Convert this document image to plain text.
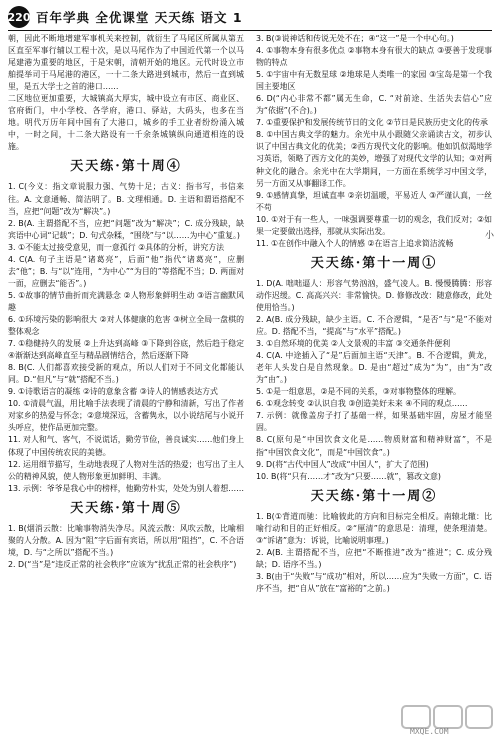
220 百年学典 全优课堂 天天练 语文 1
朝，因此不断地增建军事机关来控制，就衍生了马尾区所属从第五区直至军事行辅以工程十次，是以马尾作为了中国近代第一个以马尾建港为重要的地区，于是宋朝，清朝开始的地区。元代时设立市舶提举司于马尾港的港区，一十二条大路进到城市，然后一直到城里，是五大学士之首的港口……
二区地位更加重要，大城镇高大厚实，城中设立有市区、商业区、官府衙门，中小学校、各学府，港口、驿站，大码头，也多在当地。明代万历年间中国有了大港口，城乡的手工业者纷纷涌入城中，一时之间，十二条大路设有一千余条城镇纵向通道相连的设施。
天天练·第十周④
1. C(今义：指文章说服力强、气势十足；古义：指书写，书信来往。A. 文意通畅、简洁明了。B. 文理相通。D. 主语和谓语搭配不当，应把“问题”改为“解决”。)
2. B(A. 主谓搭配不当，应把“问题”改为“解决”；C. 成分残缺，缺宾语中心词“记载”；D. 句式杂糅，“围绕”与“以……为中心”重复。)
3. ①不能太过接受意见，而一意孤行 ②具体的分析，讲究方法
4. C(A. 句子主语是“诸葛亮”，后面“他”指代“诸葛亮”，应删去“他”；B. 与“以”连用，“为中心”“为目的”等搭配不当；D. 两面对一面，应删去“能否”。)
5. ①故事的情节曲折而充满悬念 ②人物形象鲜明生动 ③语言幽默风趣
6. ①环境污染的影响很大 ②对人体健康的危害 ③树立全局一盘棋的整体观念
7. ①稳健持久的发展 ②上升达到高峰 ③下降到谷底，然后趋于稳定 ④渐渐达到高峰直至与精品剧情结合，然后逐渐下降
8. B(C. 人们都喜欢接受新的观点，所以人们对于不同文化都能认同。D.“但凡”与“就”搭配不当。)
9. ①诗歌语言的凝练 ②诗的意象含蓄 ③诗人的情感表达方式
10. ①清晨气温，用比喻手法表现了清晨的宁静和清新，写出了作者对家乡的热爱与怀念；②意境深远，含蓄隽永，以小说结尾与小说开头呼应，使作品更加完整。
11. 对人和气、客气，不说谎话，勤劳节俭，善良诚实……他们身上体现了中国传统农民的美德。
12. 运用细节描写，生动地表现了人物对生活的热爱；也写出了主人公的精神风貌，使人物形象更加鲜明、丰满。
13. 示例：爷爷是我心中的榜样，他勤劳朴实，处处为别人着想……
天天练·第十周⑤
1. B(烟消云散：比喻事物消失净尽。风流云散：风吹云散，比喻相聚的人分散。A. 因为“阻”字后面有宾语，所以用“阻挡”，C. 不合语境，D. 与“之所以”搭配不当。)
2. D(“当”是“违反正常的社会秩序”应该为“扰乱正常的社会秩序”)
3. B(③说神话和传说无处不在；④“这一”是一个中心句。)
4. ①事物本身有很多优点 ②事物本身有很大的缺点 ③要善于发现事物的特点
5. ①宇宙中有无数星球 ②地球是人类唯一的家园 ③宝岛是第一个我国主要地区
6. D(“内心非常不都”属无生命，C. “对前途、生活失去信心”应为“依据”(不合)。)
7. ①重要保护和发展传统节日的文化 ②节日是民族历史文化的传承
8. ①中国古典文学的魅力。余光中从小跟随父亲诵读古文，初步认识了中国古典文化的优美；②西方现代文化的影响。他如饥似渴地学习英语，领略了西方文化的美妙，增强了对现代文学的认知；③对两种文化的融合。余光中在大学期间，一方面在系统学习中国文学，另一方面又从事翻译工作。
9. ①感情真挚，坦诚直率 ②亲切温暖，平易近人 ③严谨认真，一丝不苟
10. ①对于有一些人，一味强调要尊重一切的观念，我们反对；②如果一定要做出选择，那就从实际出发。
11. ①在创作中融入个人的情感 ②在语言上追求简洁流畅
天天练·第十一周①
1. D(A. 咄咄逼人：形容气势汹汹，盛气凌人。B. 慢慢腾腾：形容动作迟缓。C. 高高兴兴：非常愉快。D. 修修改改：随意修改，此处使用恰当。)
2. A(B. 成分残缺，缺少主语。C. 不合逻辑，“是否”与“是”不能对应。D. 搭配不当，“提高”与“水平”搭配。)
3. ①自然环境的优美 ②人文景观的丰富 ③交通条件便利
4. C(A. 中途插入了“是”后面加主语“天津”。B. 不合逻辑，黄龙，老年人头发白是自然现象。D. 是由“超过”成为“为”，由“为”改为“由”。)
5. ①是一组意思，②是不同的关系，③对事物整体的理解。
6. ①观念转变 ②认识自我 ③创造美好未来 ④不同的观点……
7. 示例：就像盖房子打了基础一样，如果基础牢固，房屋才能坚固。
8. C(原句是“中国饮食文化是……物质财富和精神财富”，不是指“中国饮食文化”，而是“中国饮食”。)
9. D(将“古代中国人”改成“中国人”，扩大了范围)
10. B(将“只有……才”改为“只要……就”，篡改文意)
天天练·第十一周②
1. B(①背道而驰：比喻彼此的方向和目标完全相反。南辕北辙：比喻行动和目的正好相反。②“厘清”的意思是：清理，使条理清楚。③“诉诸”意为：诉说，比喻说明事理。)
2. A(B. 主谓搭配不当，应把“不断推进”改为“推进”；C. 成分残缺；D. 语序不当。)
3. B(由于“失败”与“成功”相对，所以……应为“失败一方面”，C. 语序不当，把“自从”放在“富裕的”之前。)
小
MXQE.COM
